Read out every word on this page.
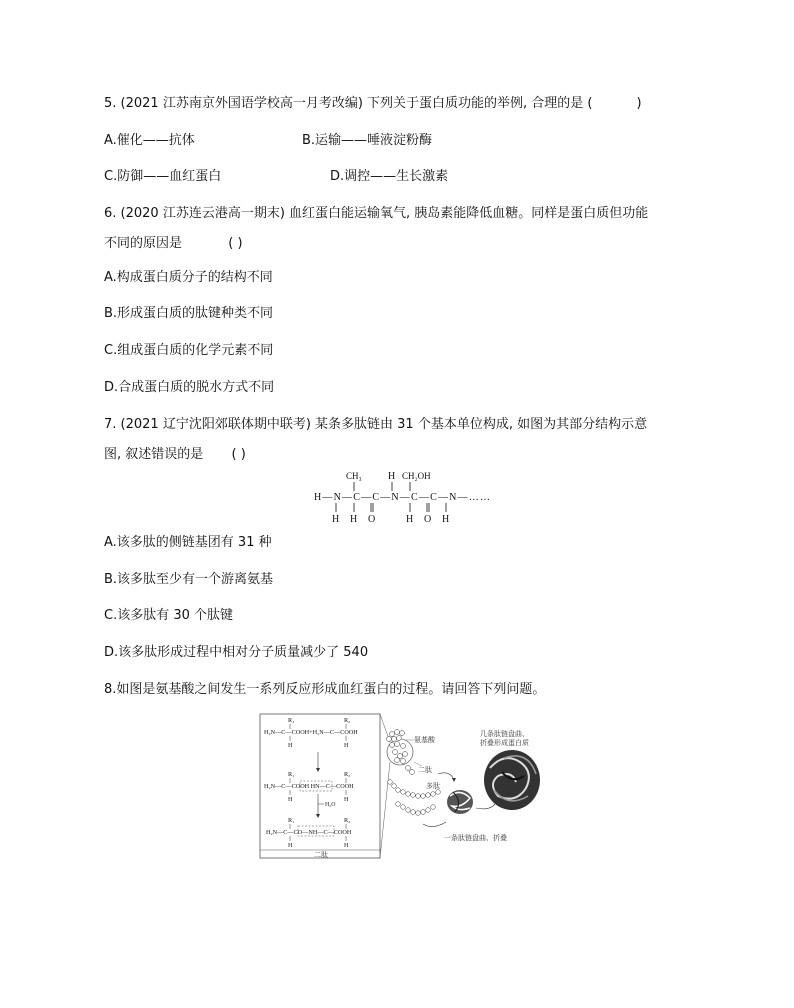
5. (2021 江苏南京外国语学校高一月考改编) 下列关于蛋白质功能的举例, 合理的是 (	)
A.催化——抗体	B.运输——唾液淀粉酶
C.防御——血红蛋白	D.调控——生长激素
6. (2020 江苏连云港高一期末) 血红蛋白能运输氧气, 胰岛素能降低血糖。同样是蛋白质但功能
不同的原因是	( )
A.构成蛋白质分子的结构不同
B.形成蛋白质的肽键种类不同
C.组成蛋白质的化学元素不同
D.合成蛋白质的脱水方式不同
7. (2021 辽宁沈阳郊联体期中联考) 某条多肽链由 31 个基本单位构成, 如图为其部分结构示意
图, 叙述错误的是 ( )
CH₃	H CH₂OH
H—N—C—C—N—C—C—N—……
H H O	H O H
A.该多肽的侧链基团有 31 种
B.该多肽至少有一个游离氨基
C.该多肽有 30 个肽键
D.该多肽形成过程中相对分子质量减少了 540
8.如图是氨基酸之间发生一系列反应形成血红蛋白的过程。请回答下列问题。
R₁	R₂
H₂N—C—COOH+H₂N—C—COOH
H	H
R₁	R₂
H₂N—C—COOH HN—C—COOH
H	H
H₂O
R₁	R₂
H₂N—C—CO—NH—C—COOH
H	H
二肽
氨基酸
二肽
多肽
一条肽链盘曲、折叠
几条肽链盘曲、
折叠形成蛋白质
